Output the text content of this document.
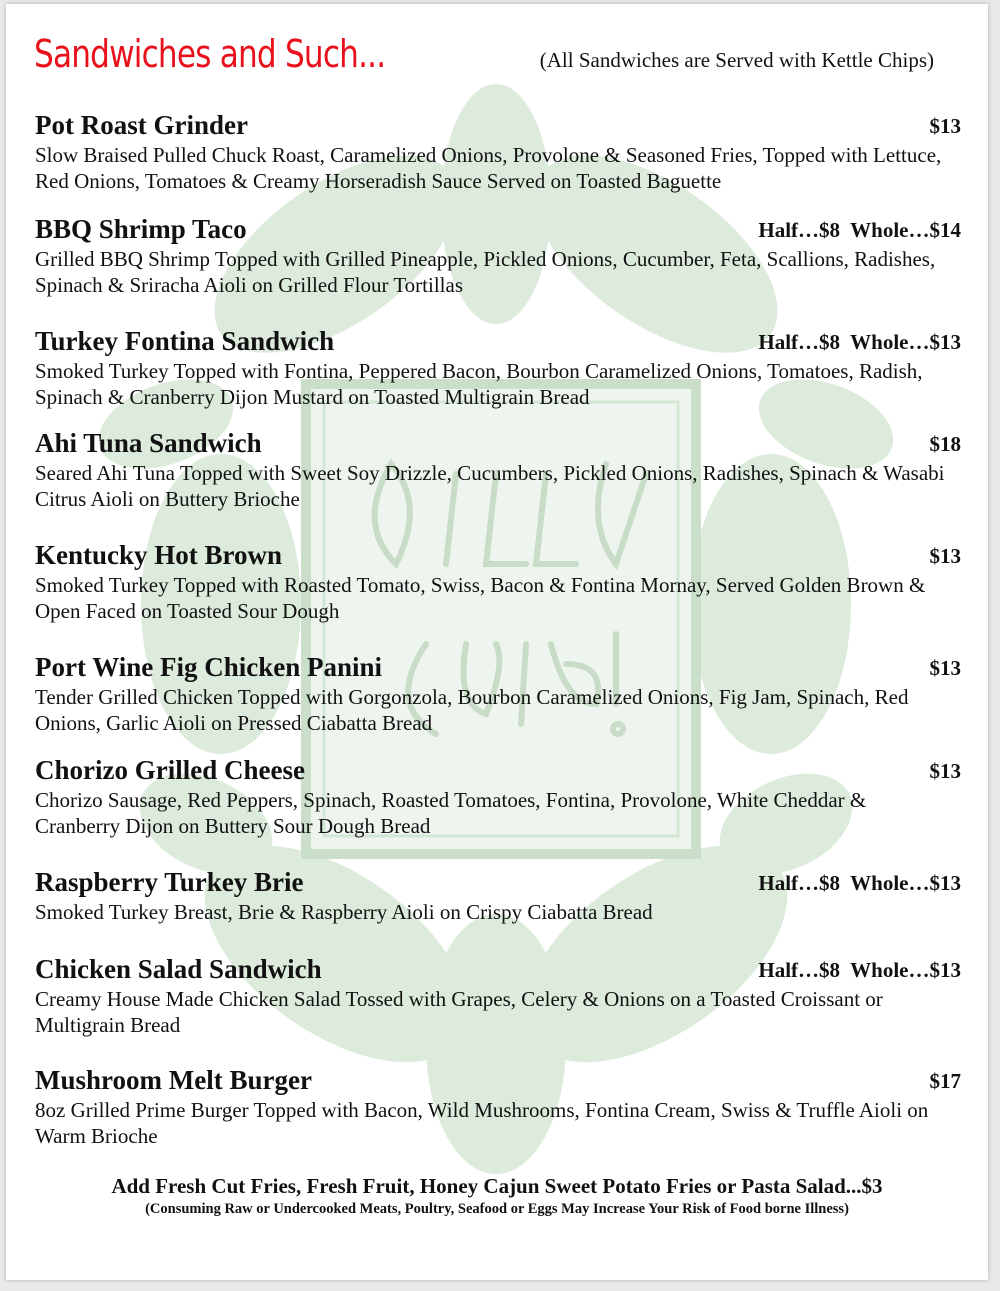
Sandwiches and Such...	(All Sandwiches are Served with Kettle Chips)
Pot Roast Grinder	$13
Slow Braised Pulled Chuck Roast, Caramelized Onions, Provolone & Seasoned Fries, Topped with Lettuce, Red Onions, Tomatoes & Creamy Horseradish Sauce Served on Toasted Baguette
BBQ Shrimp Taco	Half…$8  Whole…$14
Grilled BBQ Shrimp Topped with Grilled Pineapple, Pickled Onions, Cucumber, Feta, Scallions, Radishes, Spinach & Sriracha Aioli on Grilled Flour Tortillas
Turkey Fontina Sandwich	Half…$8  Whole…$13
Smoked Turkey Topped with Fontina, Peppered Bacon, Bourbon Caramelized Onions, Tomatoes, Radish, Spinach & Cranberry Dijon Mustard on Toasted Multigrain Bread
Ahi Tuna Sandwich	$18
Seared Ahi Tuna Topped with Sweet Soy Drizzle, Cucumbers, Pickled Onions, Radishes, Spinach & Wasabi Citrus Aioli on Buttery Brioche
Kentucky Hot Brown	$13
Smoked Turkey Topped with Roasted Tomato, Swiss, Bacon & Fontina Mornay, Served Golden Brown & Open Faced on Toasted Sour Dough
Port Wine Fig Chicken Panini	$13
Tender Grilled Chicken Topped with Gorgonzola, Bourbon Caramelized Onions, Fig Jam, Spinach, Red Onions, Garlic Aioli on Pressed Ciabatta Bread
Chorizo Grilled Cheese	$13
Chorizo Sausage, Red Peppers, Spinach, Roasted Tomatoes, Fontina, Provolone, White Cheddar & Cranberry Dijon on Buttery Sour Dough Bread
Raspberry Turkey Brie	Half…$8  Whole…$13
Smoked Turkey Breast, Brie & Raspberry Aioli on Crispy Ciabatta Bread
Chicken Salad Sandwich	Half…$8  Whole…$13
Creamy House Made Chicken Salad Tossed with Grapes, Celery & Onions on a Toasted Croissant or Multigrain Bread
Mushroom Melt Burger	$17
8oz Grilled Prime Burger Topped with Bacon, Wild Mushrooms, Fontina Cream, Swiss & Truffle Aioli on Warm Brioche
Add Fresh Cut Fries, Fresh Fruit, Honey Cajun Sweet Potato Fries or Pasta Salad...$3
(Consuming Raw or Undercooked Meats, Poultry, Seafood or Eggs May Increase Your Risk of Food borne Illness)
